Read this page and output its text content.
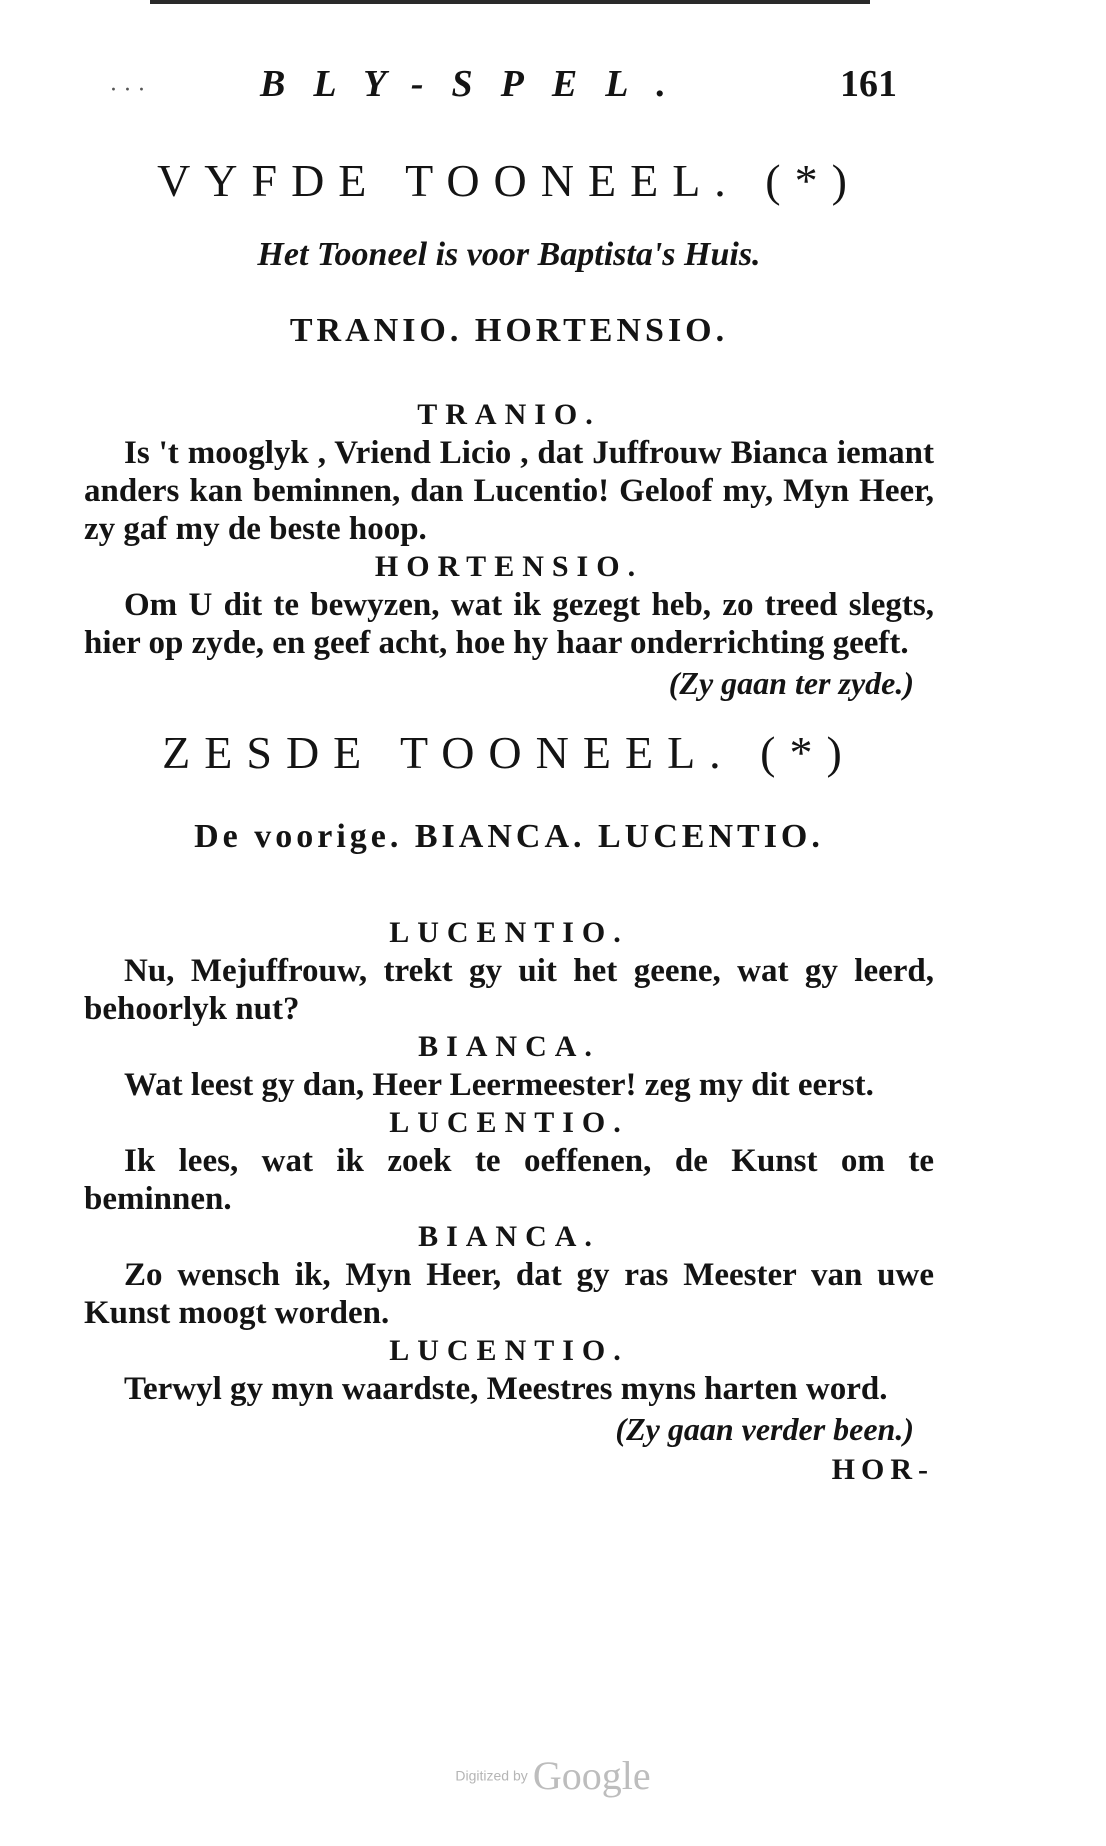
· · ·	BLY-SPEL.	161
VYFDE TOONEEL. (*)
Het Tooneel is voor Baptista's Huis.
TRANIO. HORTENSIO.
TRANIO.

Is 't mooglyk , Vriend Licio , dat Juffrouw Bianca iemant anders kan beminnen, dan Lucentio! Geloof my, Myn Heer, zy gaf my de beste hoop.

HORTENSIO.

Om U dit te bewyzen, wat ik gezegt heb, zo treed slegts, hier op zyde, en geef acht, hoe hy haar onderrichting geeft.

(Zy gaan ter zyde.)
ZESDE TOONEEL. (*)
De voorige. BIANCA. LUCENTIO.
LUCENTIO.

Nu, Mejuffrouw, trekt gy uit het geene, wat gy leerd, behoorlyk nut?

BIANCA.

Wat leest gy dan, Heer Leermeester! zeg my dit eerst.

LUCENTIO.

Ik lees, wat ik zoek te oeffenen, de Kunst om te beminnen.

BIANCA.

Zo wensch ik, Myn Heer, dat gy ras Meester van uwe Kunst moogt worden.

LUCENTIO.

Terwyl gy myn waardste, Meestres myns harten word.

(Zy gaan verder been.)
HOR-
Digitized by Google
